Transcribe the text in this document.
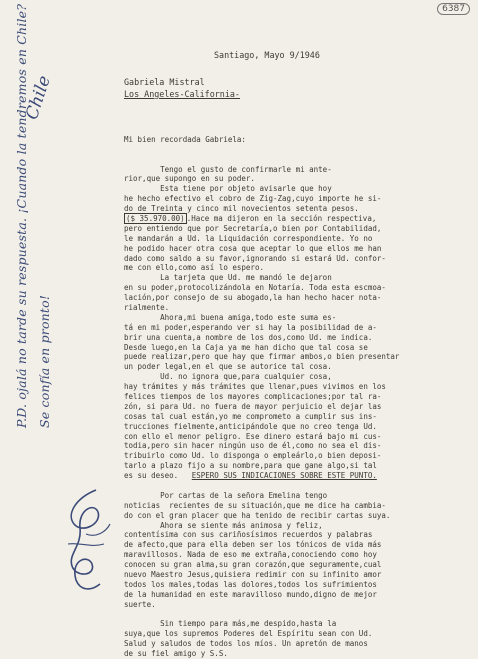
6387
Santiago, Mayo 9/1946
Gabriela Mistral
Los Angeles-California-

Mi bien recordada Gabriela:

Tengo el gusto de confirmarle mi ante-
rior,que supongo en su poder.
Esta tiene por objeto avisarle que hoy
he hecho efectivo el cobro de Zig-Zag,cuyo importe he si-
do de Treinta y cinco mil novecientos setenta pesos.
($ 35.970.00) .Hace ma dijeron en la sección respectiva,
pero entiendo que por Secretaría,o bien por Contabilidad,
le mandarán a Ud. la Liquidación correspondiente. Yo no
he podido hacer otra cosa que aceptar lo que ellos me han
dado como saldo a su favor,ignorando si estará Ud. confor-
me con ello,como así lo espero.
La tarjeta que Ud. me mandó le dejaron
en su poder,protocolizándola en Notaría. Toda esta escmoa-
lación,por consejo de su abogado,la han hecho hacer nota-
rialmente.
Ahora,mi buena amiga,todo este suma es-
tá en mi poder,esperando ver si hay la posibilidad de a-
brir una cuenta,a nombre de los dos,como Ud. me indica.
Desde luego,en la Caja ya me han dicho que tal cosa se
puede realizar,pero que hay que firmar ambos,o bien presentar
un poder legal,en el que se autorice tal cosa.
Ud. no ignora que,para cualquier cosa,
hay trámites y más trámites que llenar,pues vivimos en los
felices tiempos de los mayores complicaciones;por tal ra-
zón, si para Ud. no fuera de mayor perjuicio el dejar las
cosas tal cual están,yo me comprometo a cumplir sus ins-
trucciones fielmente,anticipándole que no creo tenga Ud.
con ello el menor peligro. Ese dinero estará bajo mi cus-
todia,pero sin hacer ningún uso de él,como no sea el dis-
tribuirlo como Ud. lo disponga o empleárlo,o bien deposi-
tarlo a plazo fijo a su nombre,para que gane algo,si tal
es su deseo.   ESPERO SUS INDICACIONES SOBRE ESTE PUNTO.
Por cartas de la señora Emelina tengo
noticias  recientes de su situación,que me dice ha cambia-
do con el gran placer que ha tenido de recibir cartas suya.
Ahora se siente más animosa y feliz,
contentísima con sus cariñosísimos recuerdos y palabras
de afecto,que para ella deben ser los tónicos de vida más
maravillosos. Nada de eso me extraña,conociendo como hoy
conocen su gran alma,su gran corazón,que seguramente,cual
nuevo Maestro Jesus,quisiera redimir con su infinito amor
todos los males,todas las dolores,todos los sufrimientos
de la humanidad en este maravilloso mundo,digno de mejor
suerte.
Sin tiempo para más,me despido,hasta la
suya,que los supremos Poderes del Espíritu sean con Ud.
Salud y saludos de todos los míos. Un apretón de manos
de su fiel amigo y S.S.
Chile
P.D. ojalá no tarde su respuesta. ¡Cuando la tendremos en Chile? Se confía en pronto!
